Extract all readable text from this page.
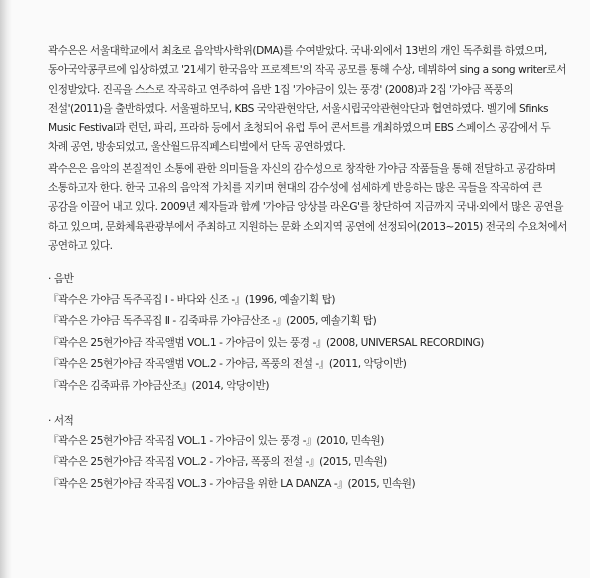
곽수은은 서울대학교에서 최초로 음악박사학위(DMA)를 수여받았다. 국내·외에서 13번의 개인 독주회를 하였으며, 동아국악콩쿠르에 입상하였고 '21세기 한국음악 프로젝트'의 작곡 공모를 통해 수상, 데뷔하여 sing a song writer로서 인정받았다. 진곡을 스스로 작곡하고 연주하여 음반 1집 '가야금이 있는 풍경' (2008)과 2집 '가야금 폭풍의 전설'(2011)을 출반하였다. 서울필하모닉, KBS 국악관현악단, 서울시립국악관현악단과 협연하였다. 벨기에 Sfinks Music Festival과 런던, 파리, 프라하 등에서 초청되어 유럽 투어 콘서트를 개최하였으며 EBS 스페이스 공감에서 두 차례 공연, 방송되었고, 울산월드뮤직페스티벌에서 단독 공연하였다.

곽수은은 음악의 본질적인 소통에 관한 의미들을 자신의 감수성으로 창작한 가야금 작품들을 통해 전달하고 공감하며 소통하고자 한다. 한국 고유의 음악적 가치를 지키며 현대의 감수성에 섬세하게 반응하는 많은 곡들을 작곡하여 큰 공감을 이끌어 내고 있다. 2009년 제자들과 함께 '가야금 앙상블 라온G'를 창단하여 지금까지 국내·외에서 많은 공연을 하고 있으며, 문화체육관광부에서 주최하고 지원하는 문화 소외지역 공연에 선정되어(2013~2015) 전국의 수요처에서 공연하고 있다.

· 음반

『곽수은 가야금 독주곡집 Ⅰ - 바다와 신조 -』(1996, 예솔기획 탑)

『곽수은 가야금 독주곡집 Ⅱ - 김죽파류 가야금산조 -』(2005, 예솔기획 탑)

『곽수은 25현가야금 작곡앨범 VOL.1 - 가야금이 있는 풍경 -』(2008, UNIVERSAL RECORDING)

『곽수은 25현가야금 작곡앨범 VOL.2 - 가야금, 폭풍의 전설 -』(2011, 악당이반)

『곽수은 김죽파류 가야금산조』(2014, 악당이반)

· 서적

『곽수은 25현가야금 작곡집 VOL.1 - 가야금이 있는 풍경 -』(2010, 민속원)

『곽수은 25현가야금 작곡집 VOL.2 - 가야금, 폭풍의 전설 -』(2015, 민속원)

『곽수은 25현가야금 작곡집 VOL.3 - 가야금을 위한 LA DANZA -』(2015, 민속원)
